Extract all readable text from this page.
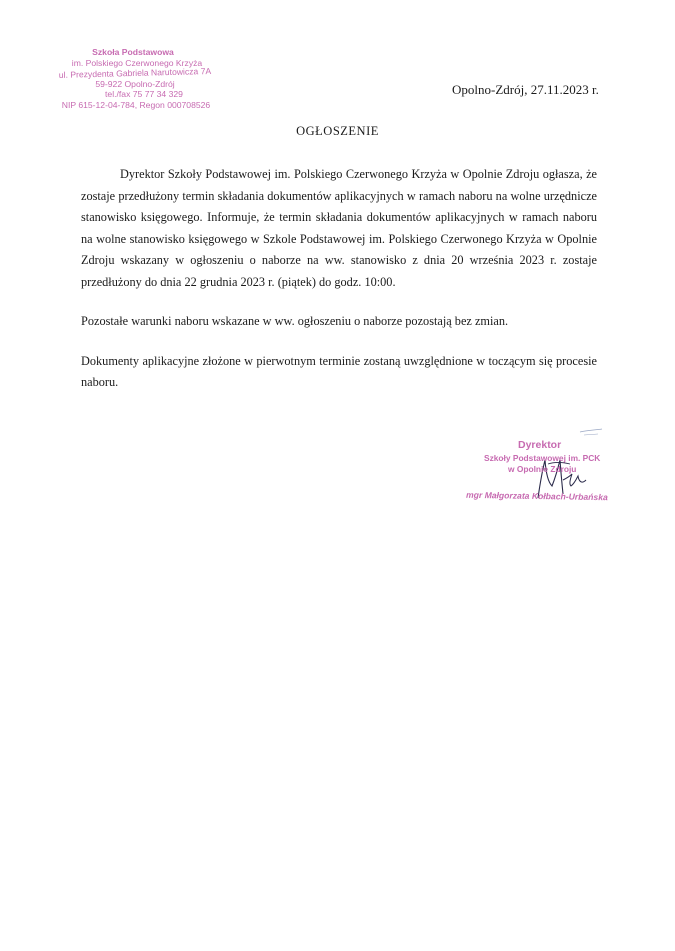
Szkoła Podstawowa
im. Polskiego Czerwonego Krzyża
ul. Prezydenta Gabriela Narutowicza 7A
59-922 Opolno-Zdrój
tel./fax 75 77 34 329
NIP 615-12-04-784, Regon 000708526
Opolno-Zdrój, 27.11.2023 r.
OGŁOSZENIE

Dyrektor Szkoły Podstawowej im. Polskiego Czerwonego Krzyża w Opolnie Zdroju ogłasza, że zostaje przedłużony termin składania dokumentów aplikacyjnych w ramach naboru na wolne urzędnicze stanowisko księgowego. Informuje, że termin składania dokumentów aplikacyjnych w ramach naboru na wolne stanowisko księgowego w Szkole Podstawowej im. Polskiego Czerwonego Krzyża w Opolnie Zdroju wskazany w ogłoszeniu o naborze na ww. stanowisko z dnia 20 września 2023 r. zostaje przedłużony do dnia 22 grudnia 2023 r. (piątek) do godz. 10:00.

Pozostałe warunki naboru wskazane w ww. ogłoszeniu o naborze pozostają bez zmian.

Dokumenty aplikacyjne złożone w pierwotnym terminie zostaną uwzględnione w toczącym się procesie naboru.

Dyrektor
Szkoły Podstawowej im. PCK
w Opolnie Zdroju
mgr Małgorzata Kołbach-Urbańska
